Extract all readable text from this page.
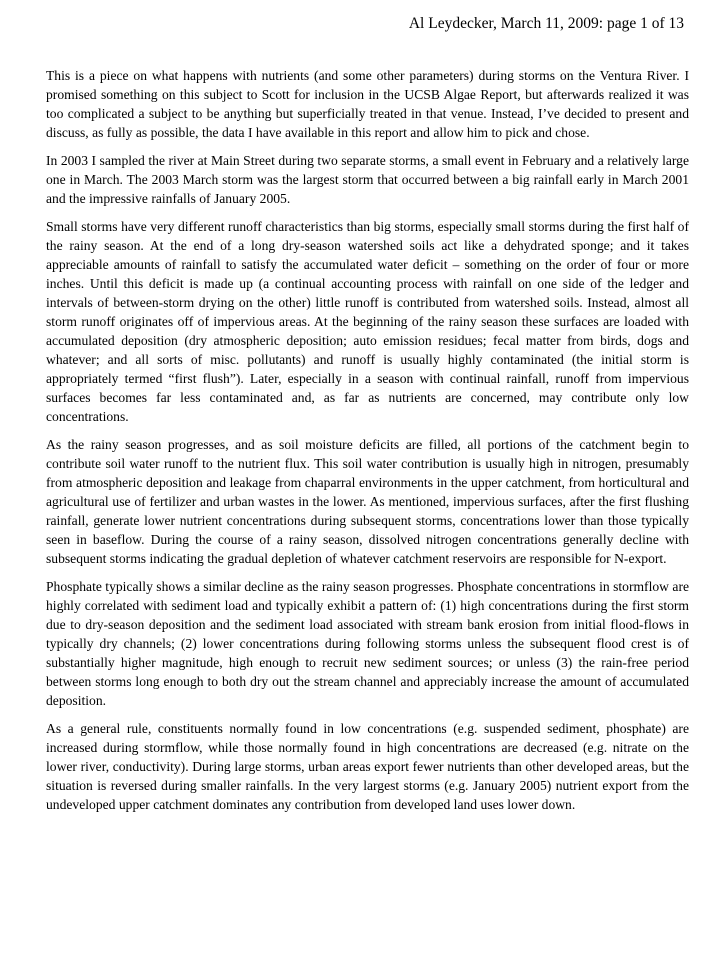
Al Leydecker, March 11, 2009: page 1 of 13

This is a piece on what happens with nutrients (and some other parameters) during storms on the Ventura River. I promised something on this subject to Scott for inclusion in the UCSB Algae Report, but afterwards realized it was too complicated a subject to be anything but superficially treated in that venue. Instead, I’ve decided to present and discuss, as fully as possible, the data I have available in this report and allow him to pick and chose.

In 2003 I sampled the river at Main Street during two separate storms, a small event in February and a relatively large one in March. The 2003 March storm was the largest storm that occurred between a big rainfall early in March 2001 and the impressive rainfalls of January 2005.

Small storms have very different runoff characteristics than big storms, especially small storms during the first half of the rainy season. At the end of a long dry-season watershed soils act like a dehydrated sponge; and it takes appreciable amounts of rainfall to satisfy the accumulated water deficit – something on the order of four or more inches. Until this deficit is made up (a continual accounting process with rainfall on one side of the ledger and intervals of between-storm drying on the other) little runoff is contributed from watershed soils. Instead, almost all storm runoff originates off of impervious areas. At the beginning of the rainy season these surfaces are loaded with accumulated deposition (dry atmospheric deposition; auto emission residues; fecal matter from birds, dogs and whatever; and all sorts of misc. pollutants) and runoff is usually highly contaminated (the initial storm is appropriately termed “first flush”). Later, especially in a season with continual rainfall, runoff from impervious surfaces becomes far less contaminated and, as far as nutrients are concerned, may contribute only low concentrations.

As the rainy season progresses, and as soil moisture deficits are filled, all portions of the catchment begin to contribute soil water runoff to the nutrient flux. This soil water contribution is usually high in nitrogen, presumably from atmospheric deposition and leakage from chaparral environments in the upper catchment, from horticultural and agricultural use of fertilizer and urban wastes in the lower. As mentioned, impervious surfaces, after the first flushing rainfall, generate lower nutrient concentrations during subsequent storms, concentrations lower than those typically seen in baseflow. During the course of a rainy season, dissolved nitrogen concentrations generally decline with subsequent storms indicating the gradual depletion of whatever catchment reservoirs are responsible for N-export.

Phosphate typically shows a similar decline as the rainy season progresses. Phosphate concentrations in stormflow are highly correlated with sediment load and typically exhibit a pattern of: (1) high concentrations during the first storm due to dry-season deposition and the sediment load associated with stream bank erosion from initial flood-flows in typically dry channels; (2) lower concentrations during following storms unless the subsequent flood crest is of substantially higher magnitude, high enough to recruit new sediment sources; or unless (3) the rain-free period between storms long enough to both dry out the stream channel and appreciably increase the amount of accumulated deposition.

As a general rule, constituents normally found in low concentrations (e.g. suspended sediment, phosphate) are increased during stormflow, while those normally found in high concentrations are decreased (e.g. nitrate on the lower river, conductivity). During large storms, urban areas export fewer nutrients than other developed areas, but the situation is reversed during smaller rainfalls. In the very largest storms (e.g. January 2005) nutrient export from the undeveloped upper catchment dominates any contribution from developed land uses lower down.
